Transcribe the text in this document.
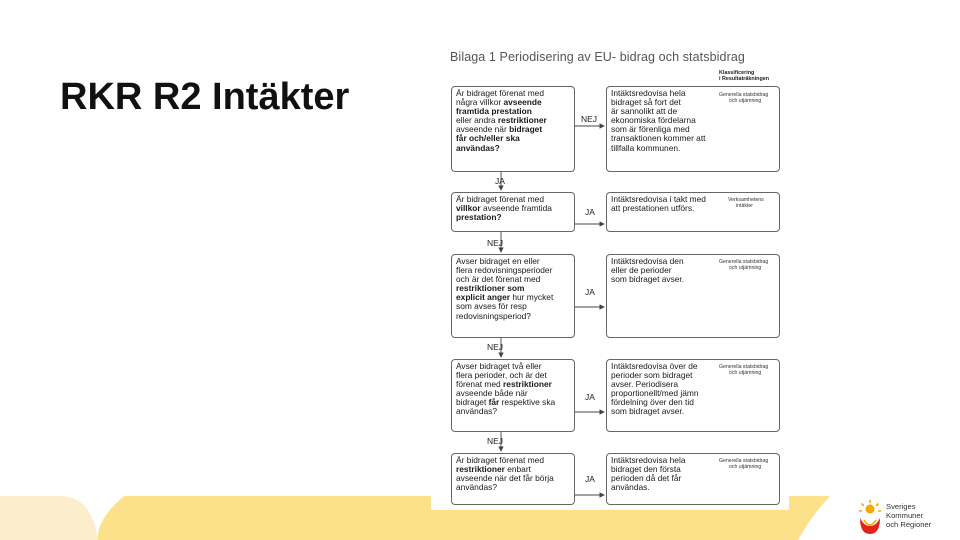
RKR R2 Intäkter
Bilaga 1 Periodisering av EU- bidrag och statsbidrag
Klassificering
i Resultaträkningen
Är bidraget förenat med
några villkor avseende
framtida prestation
eller andra restriktioner
avseende när bidraget
får och/eller ska
användas?
Är bidraget förenat med
villkor avseende framtida
prestation?
Avser bidraget en eller
flera redovisningsperioder
och är det förenat med
restriktioner som
explicit anger hur mycket
som avses för resp
redovisningsperiod?
Avser bidraget två eller
flera perioder, och är det
förenat med restriktioner
avseende både när
bidraget får respektive ska
användas?
Är bidraget förenat med
restriktioner enbart
avseende när det får börja
användas?
Intäktsredovisa hela
bidraget så fort det
är sannolikt att de
ekonomiska fördelarna
som är förenliga med
transaktionen kommer att
tillfalla kommunen.
Generella statsbidrag
och utjämning
Intäktsredovisa i takt med
att prestationen utförs.
Verksamhetens
intäkter
Intäktsredovisa den
eller de perioder
som bidraget avser.
Generella statsbidrag
och utjämning
Intäktsredovisa över de
perioder som bidraget
avser. Periodisera
proportionellt/med jämn
fördelning över den tid
som bidraget avser.
Generella statsbidrag
och utjämning
Intäktsredovisa hela
bidraget den första
perioden då det får
användas.
Generella statsbidrag
och utjämning
NEJ
JA
JA
NEJ
JA
NEJ
JA
NEJ
JA
Sveriges
Kommuner
och Regioner
